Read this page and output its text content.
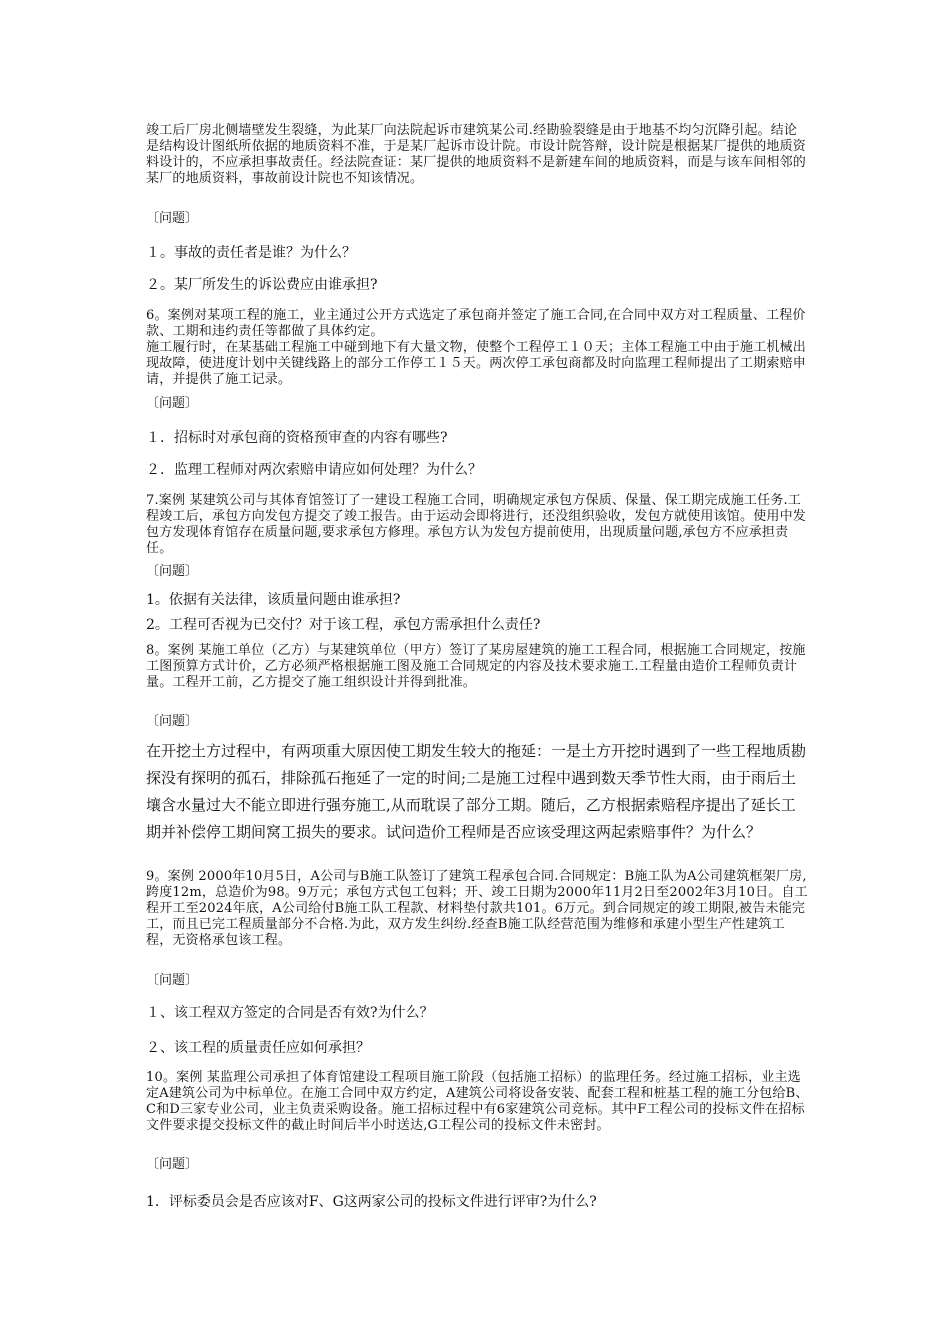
竣工后厂房北侧墙壁发生裂缝，为此某厂向法院起诉市建筑某公司.经勘验裂缝是由于地基不均匀沉降引起。结论是结构设计图纸所依据的地质资料不准，于是某厂起诉市设计院。市设计院答辩，设计院是根据某厂提供的地质资料设计的，不应承担事故责任。经法院查证：某厂提供的地质资料不是新建车间的地质资料，而是与该车间相邻的某厂的地质资料，事故前设计院也不知该情况。

〔问题〕

１。事故的责任者是谁？为什么？

２。某厂所发生的诉讼费应由谁承担?

6。案例对某项工程的施工，业主通过公开方式选定了承包商并签定了施工合同,在合同中双方对工程质量、工程价款、工期和违约责任等都做了具体约定。

施工履行时，在某基础工程施工中碰到地下有大量文物，使整个工程停工１０天；主体工程施工中由于施工机械出现故障，使进度计划中关键线路上的部分工作停工１５天。两次停工承包商都及时向监理工程师提出了工期索赔申请，并提供了施工记录。

〔问题〕

１．招标时对承包商的资格预审查的内容有哪些?

２．监理工程师对两次索赔申请应如何处理？为什么？

7.案例 某建筑公司与其体育馆签订了一建设工程施工合同，明确规定承包方保质、保量、保工期完成施工任务.工程竣工后，承包方向发包方提交了竣工报告。由于运动会即将进行，还没组织验收，发包方就使用该馆。使用中发包方发现体育馆存在质量问题,要求承包方修理。承包方认为发包方提前使用，出现质量问题,承包方不应承担责任。

〔问题〕

1。依据有关法律，该质量问题由谁承担?

2。工程可否视为已交付？对于该工程，承包方需承担什么责任?

8。案例 某施工单位（乙方）与某建筑单位（甲方）签订了某房屋建筑的施工工程合同，根据施工合同规定，按施工图预算方式计价，乙方必须严格根据施工图及施工合同规定的内容及技术要求施工.工程量由造价工程师负责计量。工程开工前，乙方提交了施工组织设计并得到批准。

〔问题〕

在开挖土方过程中，有两项重大原因使工期发生较大的拖延：一是土方开挖时遇到了一些工程地质勘探没有探明的孤石，排除孤石拖延了一定的时间;二是施工过程中遇到数天季节性大雨，由于雨后土壤含水量过大不能立即进行强夯施工,从而耽误了部分工期。随后，乙方根据索赔程序提出了延长工期并补偿停工期间窝工损失的要求。试问造价工程师是否应该受理这两起索赔事件？为什么？

9。案例 2000年10月5日，A公司与B施工队签订了建筑工程承包合同.合同规定：B施工队为A公司建筑框架厂房,跨度12m，总造价为98。9万元；承包方式包工包料；开、竣工日期为2000年11月2日至2002年3月10日。自工程开工至2024年底，A公司给付B施工队工程款、材料垫付款共101。6万元。到合同规定的竣工期限,被告未能完工，而且已完工程质量部分不合格.为此，双方发生纠纷.经查B施工队经营范围为维修和承建小型生产性建筑工程，无资格承包该工程。

〔问题〕

１、该工程双方签定的合同是否有效?为什么？

２、该工程的质量责任应如何承担？

10。案例 某监理公司承担了体育馆建设工程项目施工阶段（包括施工招标）的监理任务。经过施工招标，业主选定A建筑公司为中标单位。在施工合同中双方约定，A建筑公司将设备安装、配套工程和桩基工程的施工分包给B、C和D三家专业公司，业主负责采购设备。施工招标过程中有6家建筑公司竞标。其中F工程公司的投标文件在招标文件要求提交投标文件的截止时间后半小时送达,G工程公司的投标文件未密封。

〔问题〕

1．评标委员会是否应该对F、G这两家公司的投标文件进行评审?为什么?
